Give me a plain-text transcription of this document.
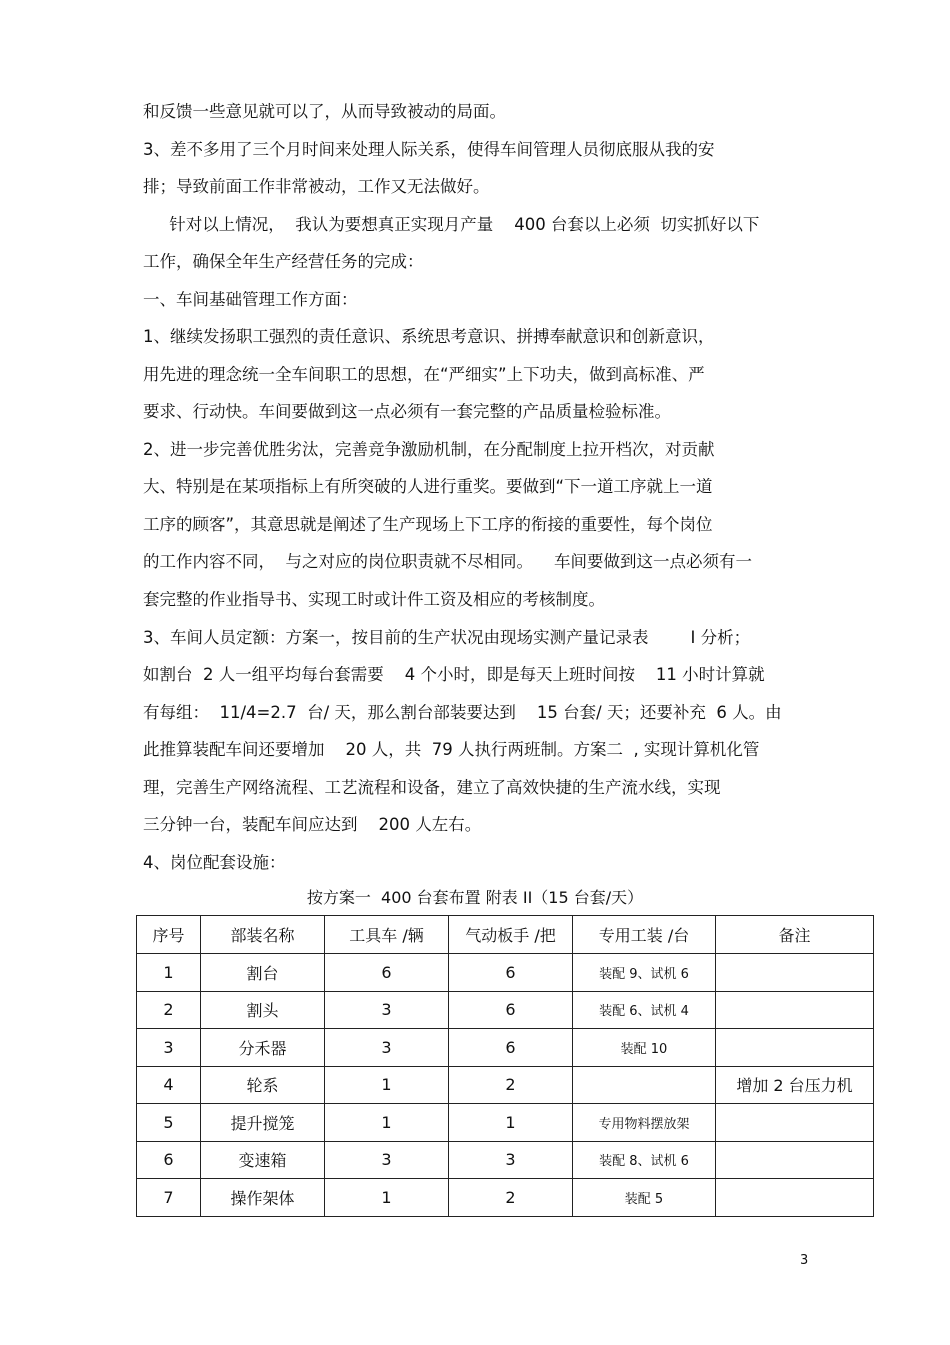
和反馈一些意见就可以了，从而导致被动的局面。
3、差不多用了三个月时间来处理人际关系，使得车间管理人员彻底服从我的安
排；导致前面工作非常被动，工作又无法做好。
针对以上情况，  我认为要想真正实现月产量    400 台套以上必须  切实抓好以下
工作，确保全年生产经营任务的完成：
一、车间基础管理工作方面：
1、继续发扬职工强烈的责任意识、系统思考意识、拼搏奉献意识和创新意识，
用先进的理念统一全车间职工的思想，在“严细实”上下功夫，做到高标准、严
要求、行动快。车间要做到这一点必须有一套完整的产品质量检验标准。
2、进一步完善优胜劣汰，完善竞争激励机制，在分配制度上拉开档次，对贡献
大、特别是在某项指标上有所突破的人进行重奖。要做到“下一道工序就上一道
工序的顾客”，其意思就是阐述了生产现场上下工序的衔接的重要性，每个岗位
的工作内容不同，  与之对应的岗位职责就不尽相同。    车间要做到这一点必须有一
套完整的作业指导书、实现工时或计件工资及相应的考核制度。
3、车间人员定额：方案一，按目前的生产状况由现场实测产量记录表        I 分析；
如割台  2 人一组平均每台套需要    4 个小时，即是每天上班时间按    11 小时计算就
有每组：  11/4=2.7  台/ 天，那么割台部装要达到    15 台套/ 天；还要补充  6 人。由
此推算装配车间还要增加    20 人，共  79 人执行两班制。方案二  , 实现计算机化管
理，完善生产网络流程、工艺流程和设备，建立了高效快捷的生产流水线，实现
三分钟一台，装配车间应达到    200 人左右。
4、岗位配套设施：
按方案一  400 台套布置 附表 II（15 台套/天）
序号	部装名称	工具车 /辆	气动板手 /把	专用工装 /台	备注
1	割台	6	6	装配 9、试机 6	
2	割头	3	6	装配 6、试机 4	
3	分禾器	3	6	装配 10	
4	轮系	1	2		增加 2 台压力机
5	提升搅笼	1	1	专用物料摆放架	
6	变速箱	3	3	装配 8、试机 6	
7	操作架体	1	2	装配 5	
3
